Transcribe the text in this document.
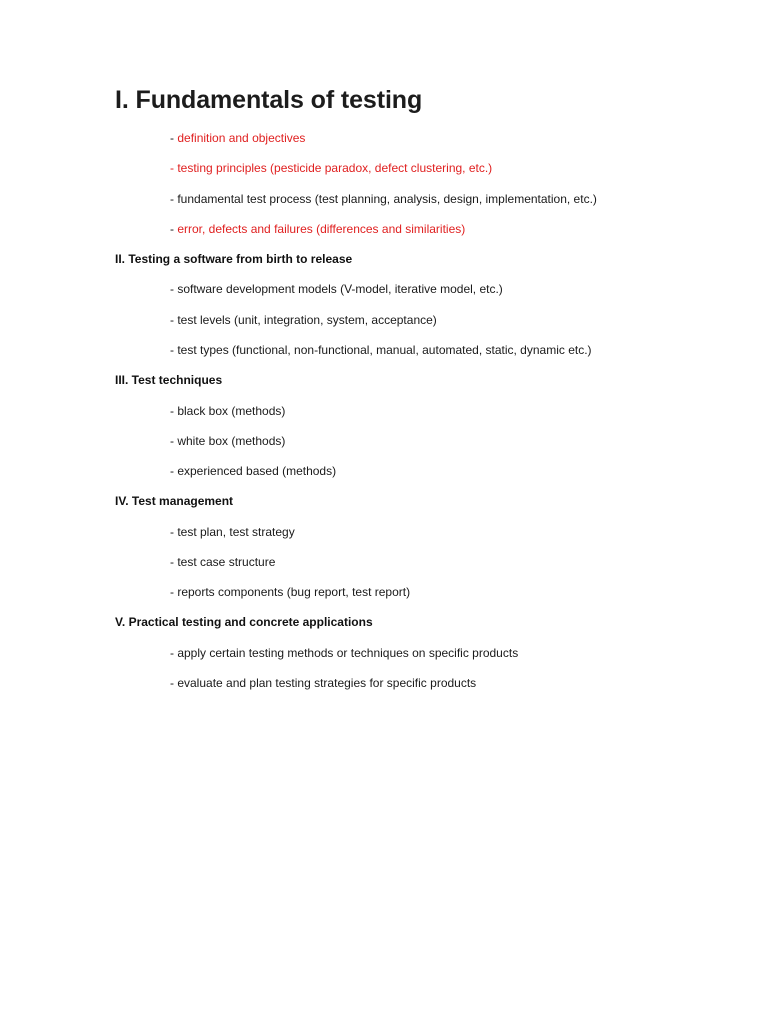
I. Fundamentals of testing
- definition and objectives
- testing principles (pesticide paradox, defect clustering, etc.)
- fundamental test process (test planning, analysis, design, implementation, etc.)
- error, defects and failures (differences and similarities)
II. Testing a software from birth to release
- software development models (V-model, iterative model, etc.)
- test levels (unit, integration, system, acceptance)
- test types (functional, non-functional, manual, automated, static, dynamic etc.)
III. Test techniques
- black box (methods)
- white box (methods)
- experienced based (methods)
IV. Test management
- test plan, test strategy
- test case structure
- reports components (bug report, test report)
V. Practical testing and concrete applications
- apply certain testing methods or techniques on specific products
- evaluate and plan testing strategies for specific products
